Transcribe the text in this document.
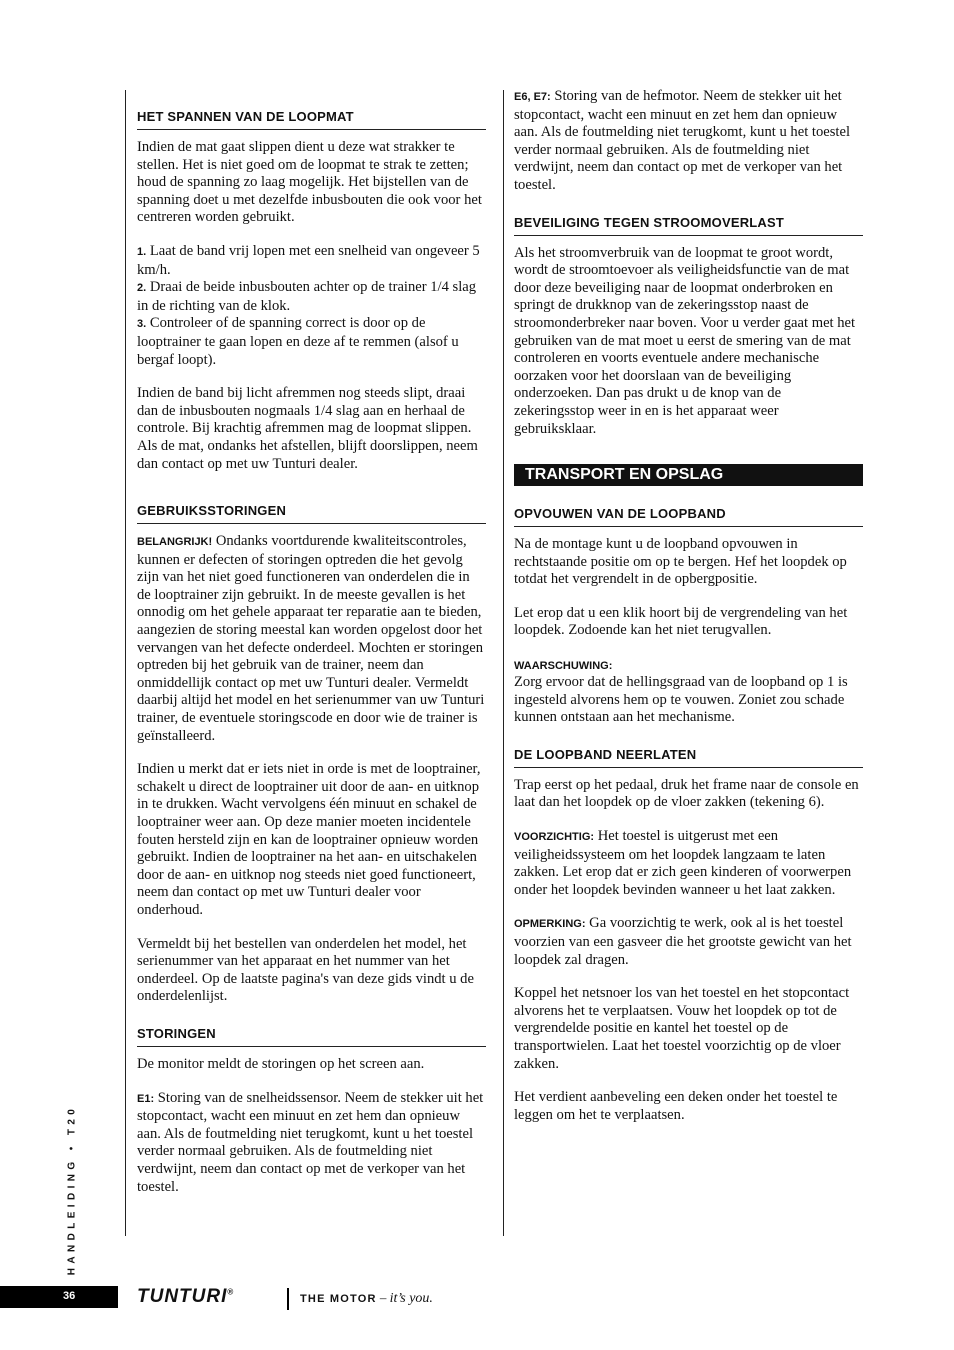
HET SPANNEN VAN DE LOOPMAT

Indien de mat gaat slippen dient u deze wat strakker te stellen. Het is niet goed om de loopmat te strak te zetten; houd de spanning zo laag mogelijk. Het bijstellen van de spanning doet u met dezelfde inbusbouten die ook voor het centreren worden gebruikt.

1. Laat de band vrij lopen met een snelheid van ongeveer 5 km/h.

2. Draai de beide inbusbouten achter op de trainer 1/4 slag in de richting van de klok.

3. Controleer of de spanning correct is door op de looptrainer te gaan lopen en deze af te remmen (alsof u bergaf loopt).

Indien de band bij licht afremmen nog steeds slipt, draai dan de inbusbouten nogmaals 1/4 slag aan en herhaal de controle. Bij krachtig afremmen mag de loopmat slippen. Als de mat, ondanks het afstellen, blijft doorslippen, neem dan contact op met uw Tunturi dealer.

GEBRUIKSSTORINGEN

BELANGRIJK! Ondanks voortdurende kwaliteitscontroles, kunnen er defecten of storingen optreden die het gevolg zijn van het niet goed functioneren van onderdelen die in de looptrainer zijn gebruikt. In de meeste gevallen is het onnodig om het gehele apparaat ter reparatie aan te bieden, aangezien de storing meestal kan worden opgelost door het vervangen van het defecte onderdeel. Mochten er storingen optreden bij het gebruik van de trainer, neem dan onmiddellijk contact op met uw Tunturi dealer. Vermeldt daarbij altijd het model en het serienummer van uw Tunturi trainer, de eventuele storingscode en door wie de trainer is geïnstalleerd.

Indien u merkt dat er iets niet in orde is met de looptrainer, schakelt u direct de looptrainer uit door de aan- en uitknop in te drukken. Wacht vervolgens één minuut en schakel de looptrainer weer aan. Op deze manier moeten incidentele fouten hersteld zijn en kan de looptrainer opnieuw worden gebruikt. Indien de looptrainer na het aan- en uitschakelen door de aan- en uitknop nog steeds niet goed functioneert, neem dan contact op met uw Tunturi dealer voor onderhoud.

Vermeldt bij het bestellen van onderdelen het model, het serienummer van het apparaat en het nummer van het onderdeel. Op de laatste pagina's van deze gids vindt u de onderdelenlijst.

STORINGEN

De monitor meldt de storingen op het screen aan.

E1: Storing van de snelheidssensor. Neem de stekker uit het stopcontact, wacht een minuut en zet hem dan opnieuw aan. Als de foutmelding niet terugkomt, kunt u het toestel verder normaal gebruiken. Als de foutmelding niet verdwijnt, neem dan contact op met de verkoper van het toestel.

E6, E7: Storing van de hefmotor. Neem de stekker uit het stopcontact, wacht een minuut en zet hem dan opnieuw aan. Als de foutmelding niet terugkomt, kunt u het toestel verder normaal gebruiken. Als de foutmelding niet verdwijnt, neem dan contact op met de verkoper van het toestel.

BEVEILIGING TEGEN STROOMOVERLAST

Als het stroomverbruik van de loopmat te groot wordt, wordt de stroomtoevoer als veiligheidsfunctie van de mat door deze beveiliging naar de loopmat onderbroken en springt de drukknop van de zekeringsstop naast de stroomonderbreker naar boven. Voor u verder gaat met het gebruiken van de mat moet u eerst de smering van de mat controleren en voorts eventuele andere mechanische oorzaken voor het doorslaan van de beveiliging onderzoeken. Dan pas drukt u de knop van de zekeringsstop weer in en is het apparaat weer gebruiksklaar.

TRANSPORT EN OPSLAG
OPVOUWEN VAN DE LOOPBAND

Na de montage kunt u de loopband opvouwen in rechtstaande positie om op te bergen. Hef het loopdek op totdat het vergrendelt in de opbergpositie.

Let erop dat u een klik hoort bij de vergrendeling van het loopdek. Zodoende kan het niet terugvallen.

WAARSCHUWING:

Zorg ervoor dat de hellingsgraad van de loopband op 1 is ingesteld alvorens hem op te vouwen. Zoniet zou schade kunnen ontstaan aan het mechanisme.

DE LOOPBAND NEERLATEN

Trap eerst op het pedaal, druk het frame naar de console en laat dan het loopdek op de vloer zakken (tekening 6).

VOORZICHTIG: Het toestel is uitgerust met een veiligheidssysteem om het loopdek langzaam te laten zakken. Let erop dat er zich geen kinderen of voorwerpen onder het loopdek bevinden wanneer u het laat zakken.

OPMERKING: Ga voorzichtig te werk, ook al is het toestel voorzien van een gasveer die het grootste gewicht van het loopdek zal dragen.

Koppel het netsnoer los van het toestel en het stopcontact alvorens het te verplaatsen. Vouw het loopdek op tot de vergrendelde positie en kantel het toestel op de transportwielen. Laat het toestel voorzichtig op de vloer zakken.

Het verdient aanbeveling een deken onder het toestel te leggen om het te verplaatsen.

HANDLEIDING • T20
36	TUNTURI®
THE MOTOR – it’s you.
